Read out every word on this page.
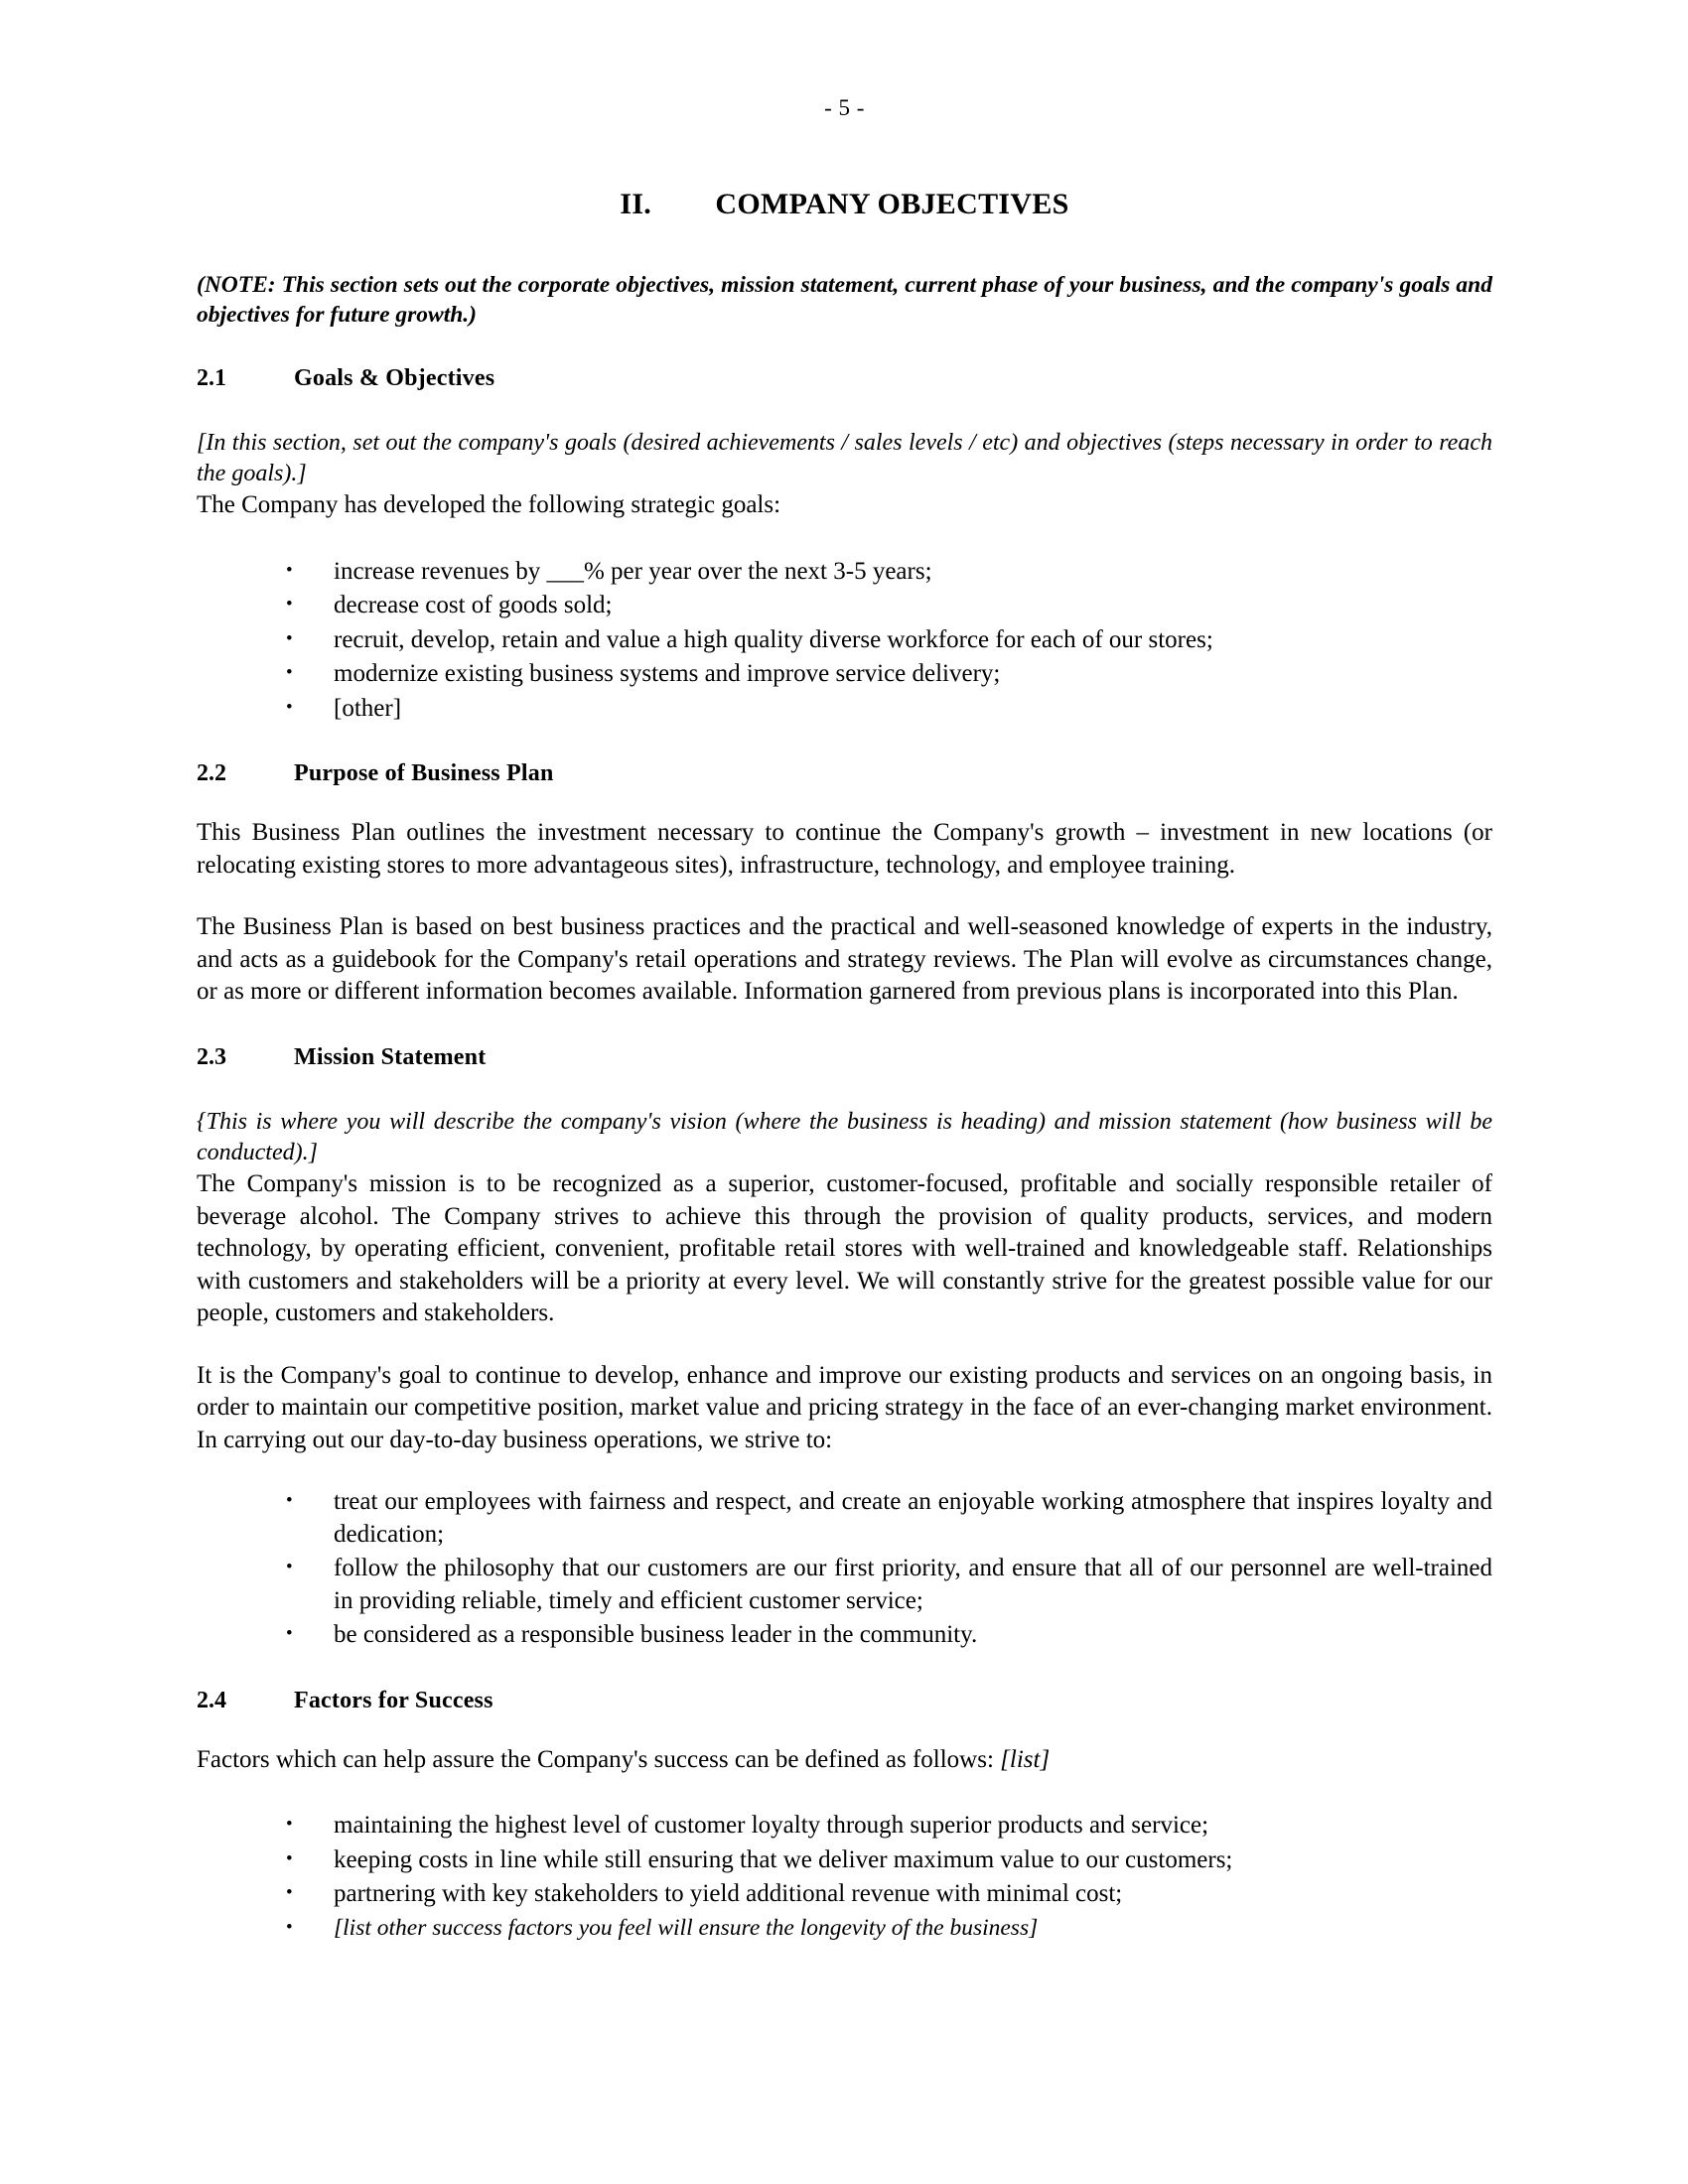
- 5 -
II. COMPANY OBJECTIVES
(NOTE: This section sets out the corporate objectives, mission statement, current phase of your business, and the company's goals and objectives for future growth.)
2.1	Goals & Objectives
[In this section, set out the company's goals (desired achievements / sales levels / etc) and objectives (steps necessary in order to reach the goals).]
The Company has developed the following strategic goals:
•	increase revenues by ___% per year over the next 3-5 years;
•	decrease cost of goods sold;
•	recruit, develop, retain and value a high quality diverse workforce for each of our stores;
•	modernize existing business systems and improve service delivery;
•	[other]
2.2	Purpose of Business Plan
This Business Plan outlines the investment necessary to continue the Company's growth – investment in new locations (or relocating existing stores to more advantageous sites), infrastructure, technology, and employee training.
The Business Plan is based on best business practices and the practical and well-seasoned knowledge of experts in the industry, and acts as a guidebook for the Company's retail operations and strategy reviews. The Plan will evolve as circumstances change, or as more or different information becomes available. Information garnered from previous plans is incorporated into this Plan.
2.3	Mission Statement
{This is where you will describe the company's vision (where the business is heading) and mission statement (how business will be conducted).]
The Company's mission is to be recognized as a superior, customer-focused, profitable and socially responsible retailer of beverage alcohol. The Company strives to achieve this through the provision of quality products, services, and modern technology, by operating efficient, convenient, profitable retail stores with well-trained and knowledgeable staff. Relationships with customers and stakeholders will be a priority at every level. We will constantly strive for the greatest possible value for our people, customers and stakeholders.
It is the Company's goal to continue to develop, enhance and improve our existing products and services on an ongoing basis, in order to maintain our competitive position, market value and pricing strategy in the face of an ever-changing market environment. In carrying out our day-to-day business operations, we strive to:
•	treat our employees with fairness and respect, and create an enjoyable working atmosphere that inspires loyalty and dedication;
•	follow the philosophy that our customers are our first priority, and ensure that all of our personnel are well-trained in providing reliable, timely and efficient customer service;
•	be considered as a responsible business leader in the community.
2.4	Factors for Success
Factors which can help assure the Company's success can be defined as follows: [list]
•	maintaining the highest level of customer loyalty through superior products and service;
•	keeping costs in line while still ensuring that we deliver maximum value to our customers;
•	partnering with key stakeholders to yield additional revenue with minimal cost;
•	[list other success factors you feel will ensure the longevity of the business]
